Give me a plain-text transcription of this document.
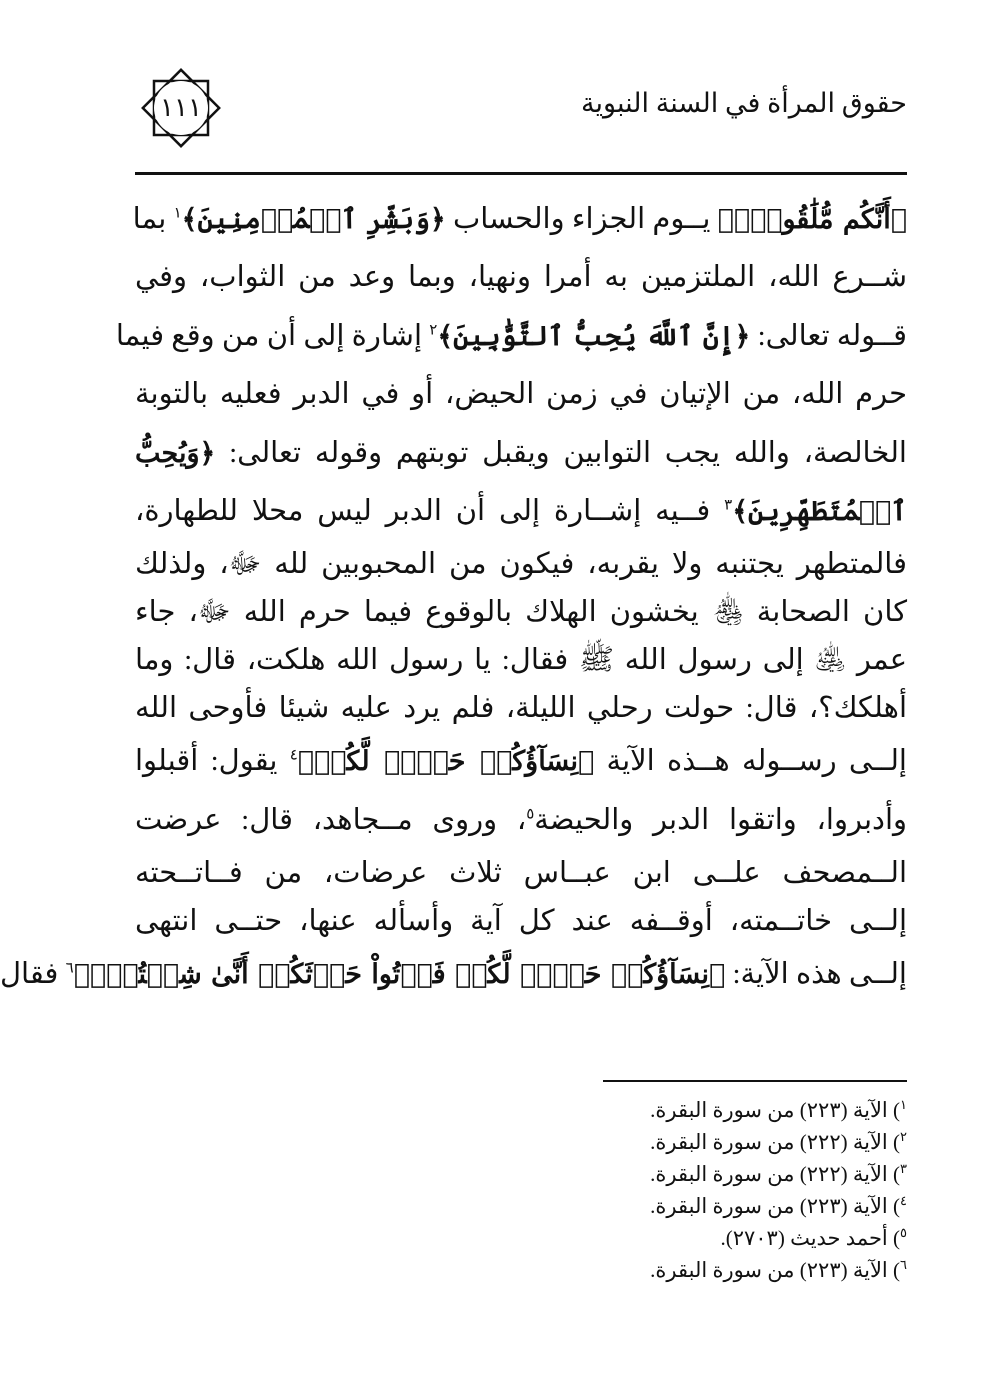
١١١	حقوق المرأة في السنة النبوية
﴿أَنَّكُم مُّلَٰقُوهُۗ﴾ يــوم الجزاء والحساب ﴿وَبَشِّرِ ٱلۡمُؤۡمِنِينَ﴾$^١$ بما
شــرع الله، الملتزمين به أمرا ونهيا، وبما وعد من الثواب، وفي
قــوله تعالى: ﴿إِنَّ ٱللَّهَ يُحِبُّ ٱلتَّوَّٰبِينَ﴾$^٢$ إشارة إلى أن من وقع فيما
حرم الله، من الإتيان في زمن الحيض، أو في الدبر فعليه بالتوبة
الخالصة، والله يجب التوابين ويقبل توبتهم وقوله تعالى: ﴿وَيُحِبُّ
ٱلۡمُتَطَهِّرِينَ﴾$^٣$ فــيه إشــارة إلى أن الدبر ليس محلا للطهارة،
فالمتطهر يجتنبه ولا يقربه، فيكون من المحبوبين لله ﷻ، ولذلك
كان الصحابة ﵃ يخشون الهلاك بالوقوع فيما حرم الله ﷻ، جاء
عمر ﵁ إلى رسول الله ﷺ فقال: يا رسول الله هلكت، قال: وما
أهلكك؟، قال: حولت رحلي الليلة، فلم يرد عليه شيئا فأوحى الله
إلــى رســوله هــذه الآية ﴿نِسَآؤُكُمۡ حَرۡثٞ لَّكُمۡ﴾$^٤$ يقول: أقبلوا
وأدبروا، واتقوا الدبر والحيضة$^٥$، وروى مــجاهد، قال: عرضت
الــمصحف علــى ابن عبــاس ثلاث عرضات، من فــاتــحته
إلــى خاتــمته، أوقــفه عند كل آية وأسأله عنها، حتــى انتهى
إلــى هذه الآية: ﴿نِسَآؤُكُمۡ حَرۡثٞ لَّكُمۡ فَأۡتُواْ حَرۡثَكُمۡ أَنَّىٰ شِئۡتُمۡۖ﴾$^٦$ فقال
$^١$) الآية (٢٢٣) من سورة البقرة.
$^٢$) الآية (٢٢٢) من سورة البقرة.
$^٣$) الآية (٢٢٢) من سورة البقرة.
$^٤$) الآية (٢٢٣) من سورة البقرة.
$^٥$) أحمد حديث (٢٧٠٣).
$^٦$) الآية (٢٢٣) من سورة البقرة.
